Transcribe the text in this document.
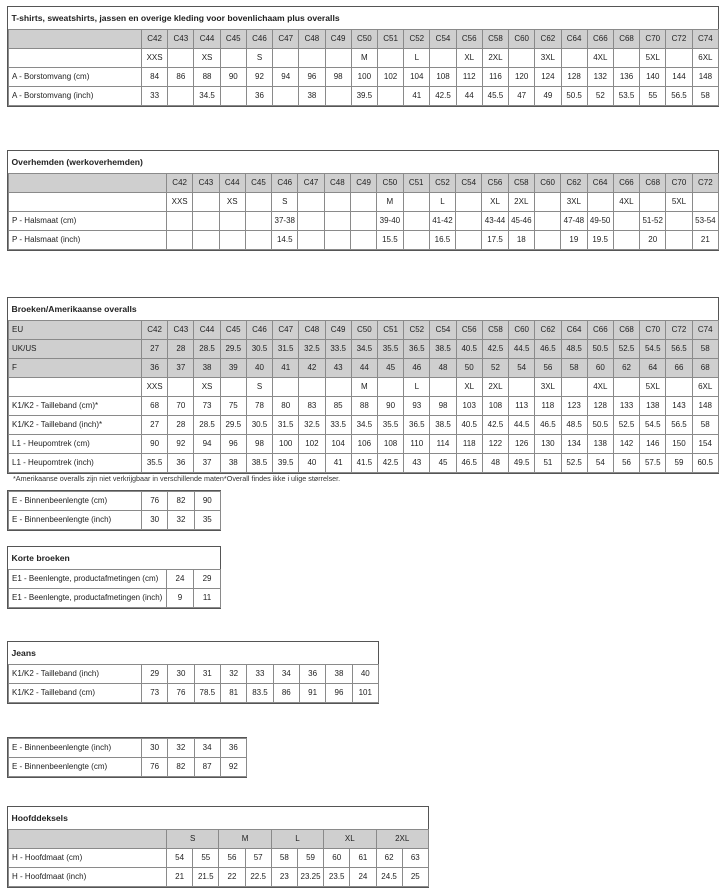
T-shirts, sweatshirts, jassen en overige kleding voor bovenlichaam plus overalls																						
	C42	C43	C44	C45	C46	C47	C48	C49	C50	C51	C52	C54	C56	C58	C60	C62	C64	C66	C68	C70	C72	C74
	XXS		XS		S				M		L		XL	2XL		3XL		4XL		5XL		6XL
A - Borstomvang (cm)	84	86	88	90	92	94	96	98	100	102	104	108	112	116	120	124	128	132	136	140	144	148
A - Borstomvang (inch)	33		34.5		36		38		39.5		41	42.5	44	45.5	47	49	50.5	52	53.5	55	56.5	58
Overhemden (werkoverhemden)																					
	C42	C43	C44	C45	C46	C47	C48	C49	C50	C51	C52	C54	C56	C58	C60	C62	C64	C66	C68	C70	C72
	XXS		XS		S				M		L		XL	2XL		3XL		4XL		5XL	
P - Halsmaat (cm)					37-38				39-40		41-42		43-44	45-46		47-48	49-50		51-52		53-54
P - Halsmaat (inch)					14.5				15.5		16.5		17.5	18		19	19.5		20		21
Broeken/Amerikaanse overalls																						
EU	C42	C43	C44	C45	C46	C47	C48	C49	C50	C51	C52	C54	C56	C58	C60	C62	C64	C66	C68	C70	C72	C74
UK/US	27	28	28.5	29.5	30.5	31.5	32.5	33.5	34.5	35.5	36.5	38.5	40.5	42.5	44.5	46.5	48.5	50.5	52.5	54.5	56.5	58
F	36	37	38	39	40	41	42	43	44	45	46	48	50	52	54	56	58	60	62	64	66	68
	XXS		XS		S				M		L		XL	2XL		3XL		4XL		5XL		6XL
K1/K2 - Tailleband (cm)*	68	70	73	75	78	80	83	85	88	90	93	98	103	108	113	118	123	128	133	138	143	148
K1/K2 - Tailleband (inch)*	27	28	28.5	29.5	30.5	31.5	32.5	33.5	34.5	35.5	36.5	38.5	40.5	42.5	44.5	46.5	48.5	50.5	52.5	54.5	56.5	58
L1 - Heupomtrek (cm)	90	92	94	96	98	100	102	104	106	108	110	114	118	122	126	130	134	138	142	146	150	154
L1 - Heupomtrek (inch)	35.5	36	37	38	38.5	39.5	40	41	41.5	42.5	43	45	46.5	48	49.5	51	52.5	54	56	57.5	59	60.5
*Amerikaanse overalls zijn niet verkrijgbaar in verschillende maten*Overall findes ikke i ulige størrelser.
E - Binnenbeenlengte (cm)	76	82	90
E - Binnenbeenlengte (inch)	30	32	35
Korte broeken		
E1 - Beenlengte, productafmetingen (cm)	24	29
E1 - Beenlengte, productafmetingen (inch)	9	11
Jeans									
K1/K2 - Tailleband (inch)	29	30	31	32	33	34	36	38	40
K1/K2 - Tailleband (cm)	73	76	78.5	81	83.5	86	91	96	101
E - Binnenbeenlengte (inch)	30	32	34	36
E - Binnenbeenlengte (cm)	76	82	87	92
Hoofddeksels										
	S		M		L		XL		2XL	
H - Hoofdmaat (cm)	54	55	56	57	58	59	60	61	62	63
H - Hoofdmaat (inch)	21	21.5	22	22.5	23	23.25	23.5	24	24.5	25
